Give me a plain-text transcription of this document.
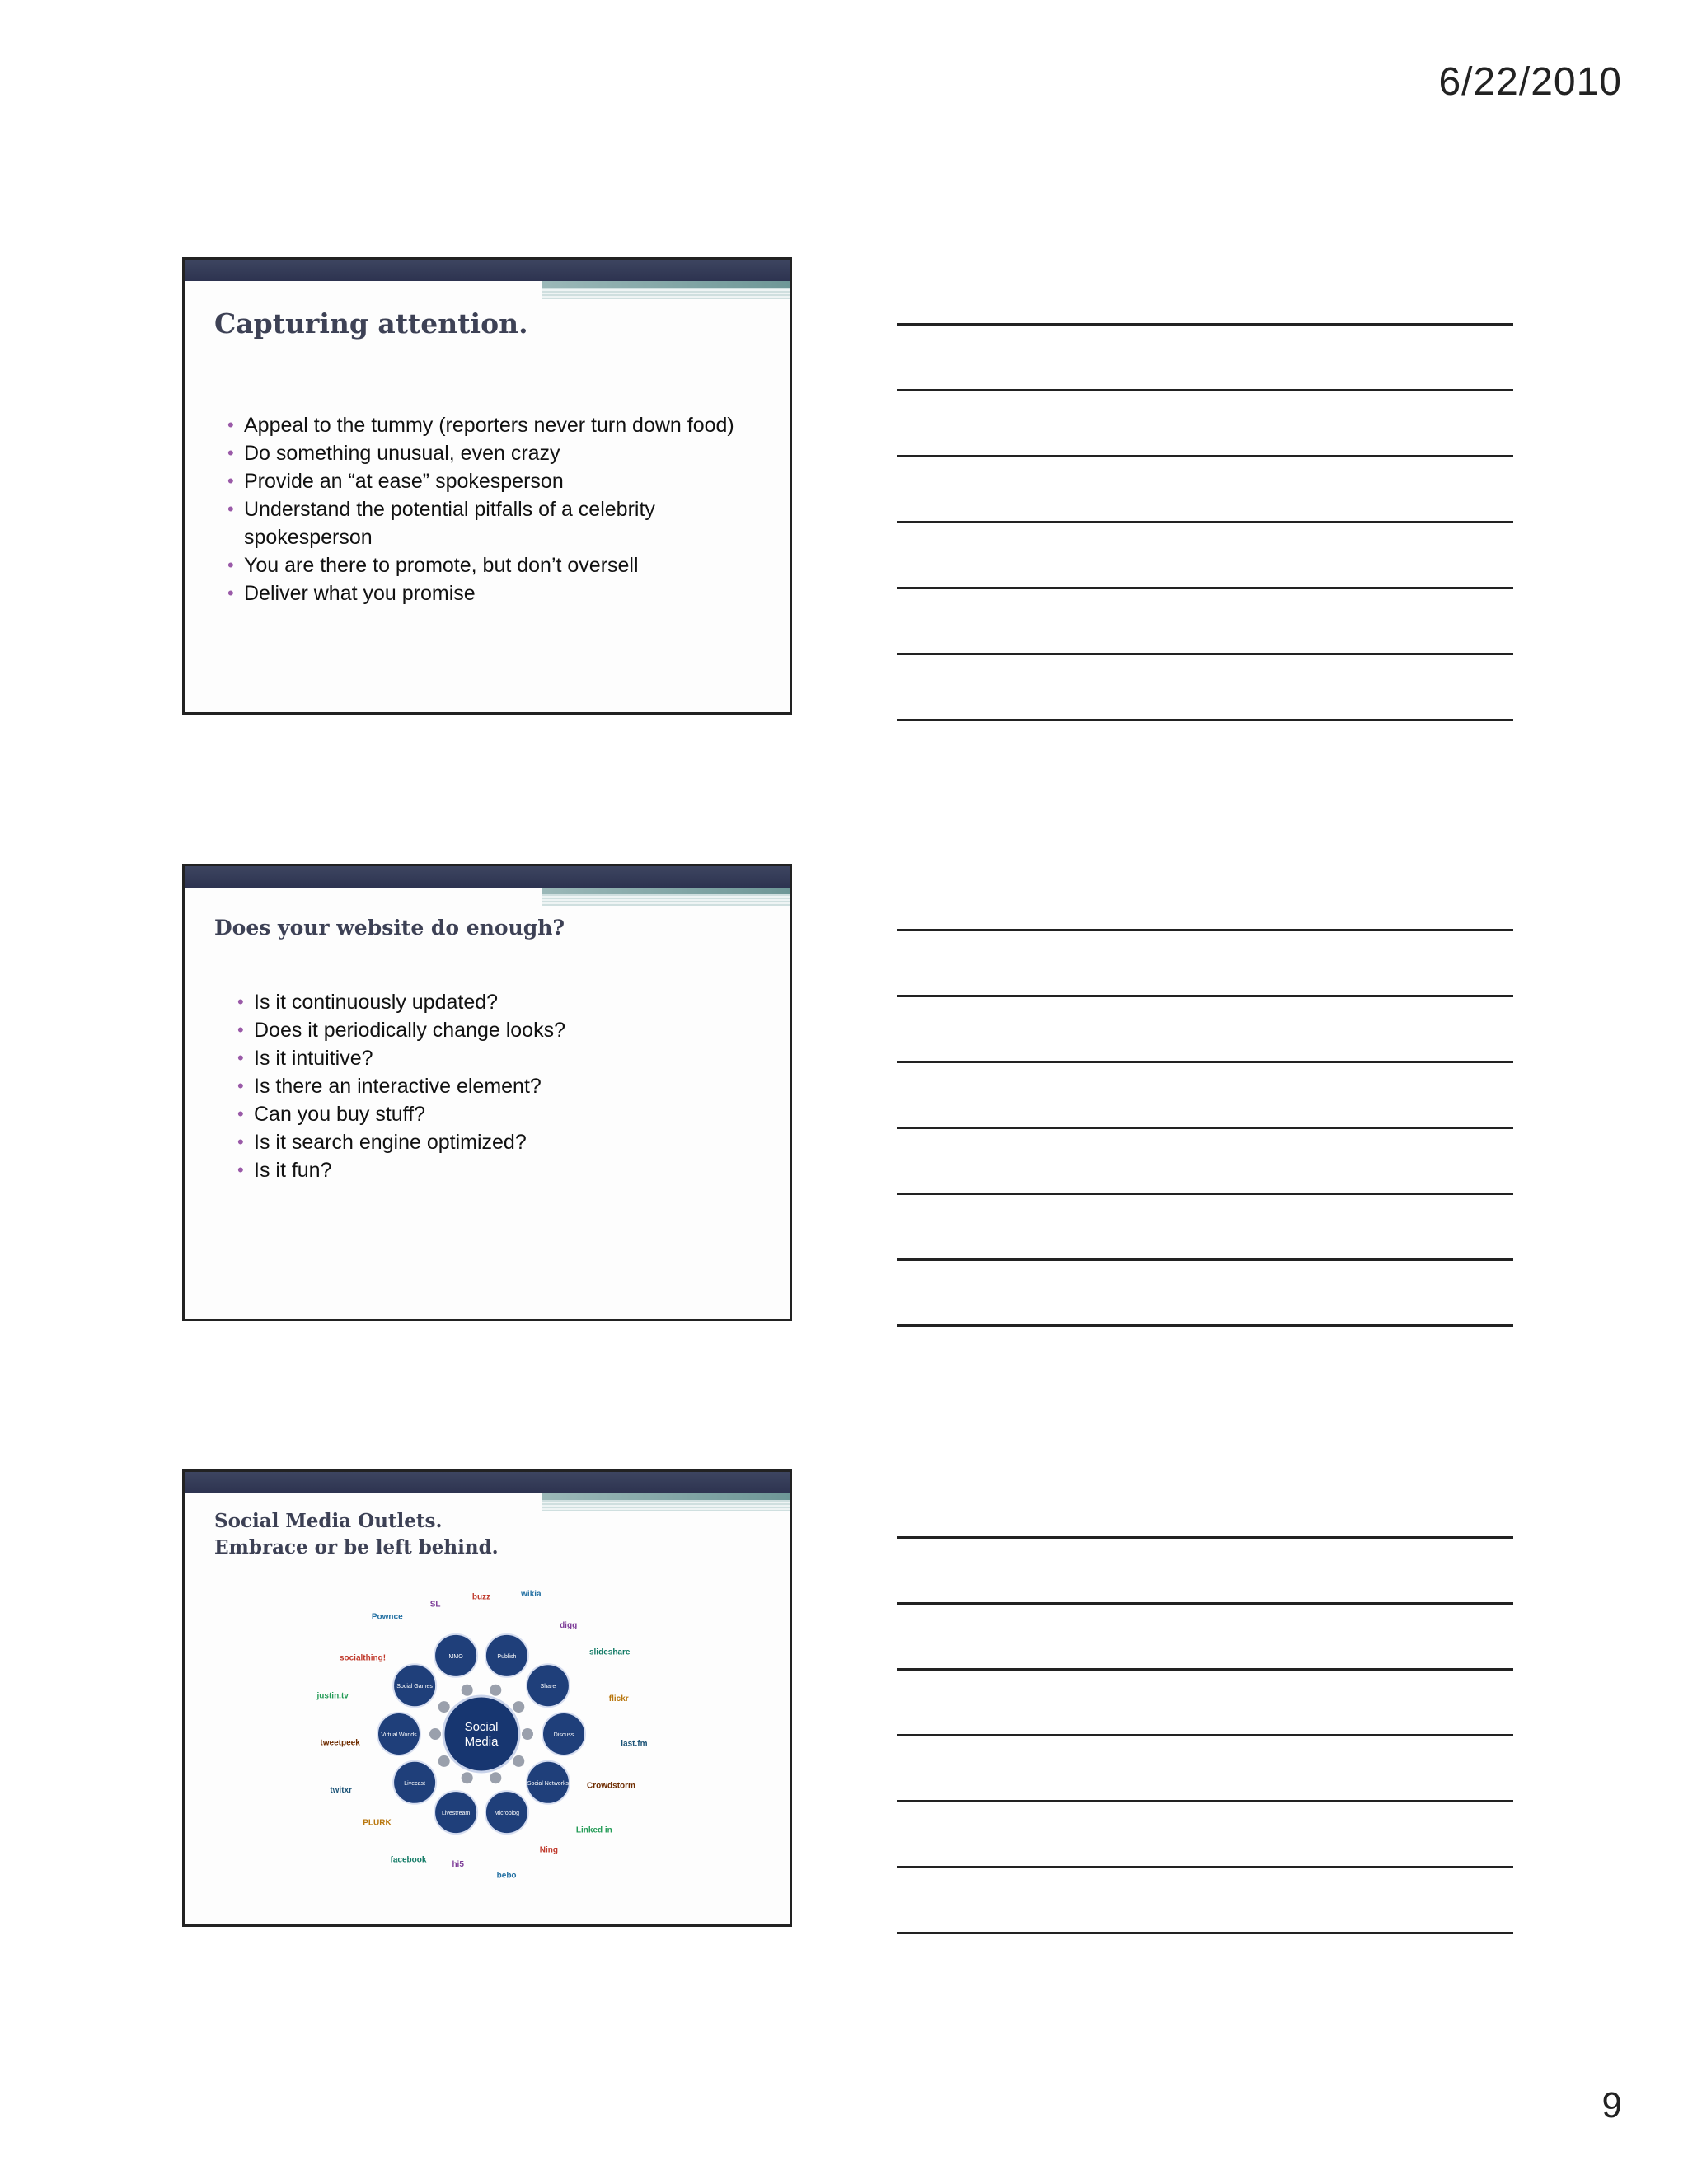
6/22/2010
Capturing attention.
• Appeal to the tummy (reporters never turn down food)
• Do something unusual, even crazy
• Provide an “at ease” spokesperson
• Understand the potential pitfalls of a celebrity spokesperson
• You are there to promote, but don’t oversell
• Deliver what you promise
Does your website do enough?
• Is it continuously updated?
• Does it periodically change looks?
• Is it intuitive?
• Is there an interactive element?
• Can you buy stuff?
• Is it search engine optimized?
• Is it fun?
Social Media Outlets.
Embrace or be left behind.
Publish
Share
Discuss
Social Networks
Microblog
Livestream
Livecast
Virtual Worlds
Social Games
MMO
Social
Media
buzz	wikia
digg
slideshare
flickr
last.fm
Crowdstorm
Linked in
Ning
bebo
hi5
facebook
PLURK
twitxr
tweetpeek
justin.tv
socialthing!
Pownce
SL
9
